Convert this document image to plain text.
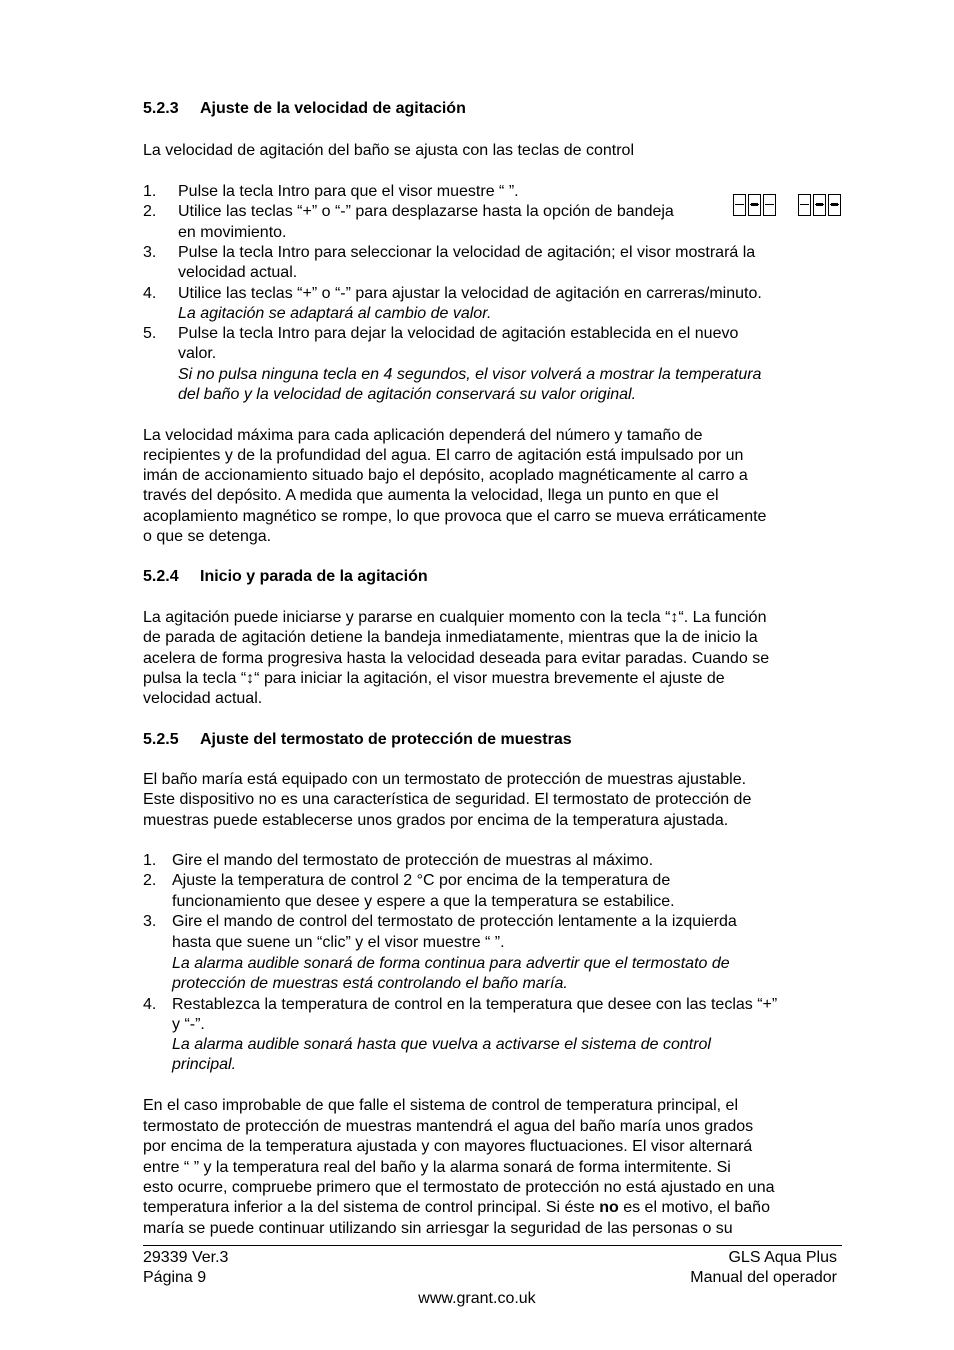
5.2.3 Ajuste de la velocidad de agitación
La velocidad de agitación del baño se ajusta con las teclas de control
1. Pulse la tecla Intro para que el visor muestre “ ”.
2. Utilice las teclas “+” o “-” para desplazarse hasta la opción de bandeja
en movimiento.
3. Pulse la tecla Intro para seleccionar la velocidad de agitación; el visor mostrará la
velocidad actual.
4. Utilice las teclas “+” o “-” para ajustar la velocidad de agitación en carreras/minuto.
La agitación se adaptará al cambio de valor.
5. Pulse la tecla Intro para dejar la velocidad de agitación establecida en el nuevo
valor.
Si no pulsa ninguna tecla en 4 segundos, el visor volverá a mostrar la temperatura
del baño y la velocidad de agitación conservará su valor original.
La velocidad máxima para cada aplicación dependerá del número y tamaño de
recipientes y de la profundidad del agua. El carro de agitación está impulsado por un
imán de accionamiento situado bajo el depósito, acoplado magnéticamente al carro a
través del depósito. A medida que aumenta la velocidad, llega un punto en que el
acoplamiento magnético se rompe, lo que provoca que el carro se mueva erráticamente
o que se detenga.
5.2.4 Inicio y parada de la agitación
La agitación puede iniciarse y pararse en cualquier momento con la tecla “↕“. La función
de parada de agitación detiene la bandeja inmediatamente, mientras que la de inicio la
acelera de forma progresiva hasta la velocidad deseada para evitar paradas. Cuando se
pulsa la tecla “↕“ para iniciar la agitación, el visor muestra brevemente el ajuste de
velocidad actual.
5.2.5 Ajuste del termostato de protección de muestras
El baño maría está equipado con un termostato de protección de muestras ajustable.
Este dispositivo no es una característica de seguridad. El termostato de protección de
muestras puede establecerse unos grados por encima de la temperatura ajustada.
1. Gire el mando del termostato de protección de muestras al máximo.
2. Ajuste la temperatura de control 2 °C por encima de la temperatura de
funcionamiento que desee y espere a que la temperatura se estabilice.
3. Gire el mando de control del termostato de protección lentamente a la izquierda
hasta que suene un “clic” y el visor muestre “ ”.
La alarma audible sonará de forma continua para advertir que el termostato de
protección de muestras está controlando el baño maría.
4. Restablezca la temperatura de control en la temperatura que desee con las teclas “+”
y “-”.
La alarma audible sonará hasta que vuelva a activarse el sistema de control
principal.
En el caso improbable de que falle el sistema de control de temperatura principal, el
termostato de protección de muestras mantendrá el agua del baño maría unos grados
por encima de la temperatura ajustada y con mayores fluctuaciones. El visor alternará
entre “ ” y la temperatura real del baño y la alarma sonará de forma intermitente. Si
esto ocurre, compruebe primero que el termostato de protección no está ajustado en una
temperatura inferior a la del sistema de control principal. Si éste no es el motivo, el baño
maría se puede continuar utilizando sin arriesgar la seguridad de las personas o su
29339 Ver.3
Página 9
GLS Aqua Plus
Manual del operador
www.grant.co.uk
